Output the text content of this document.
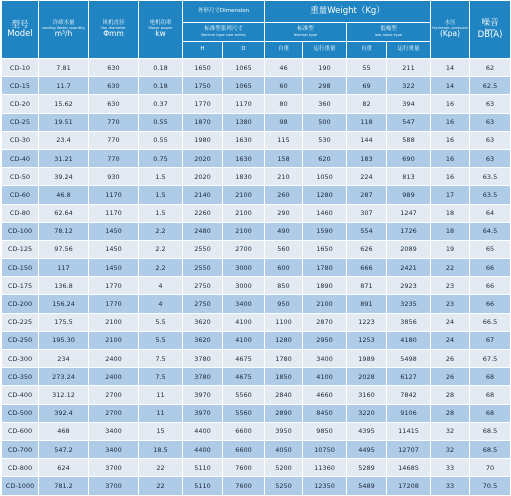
型号
Model	冷却水量
cooling Water quantity
m³/h	风机直径
fan diameter
Φmm	电机功率
Motor power
kw	外形尺寸Dimension		重量Weight（Kg）				水压
Hydraulic pressure
(Kpa)	噪音
Noise
DB(A)

				标准型系列尺寸
Normal type size series		标准型
Normal type		低噪型
low noise type			

				H	D	自重	运行重量	自重	运行重量		

CD-10	7.81	630	0.18	1650	1065	46	190	55	211	14	62
CD-15	11.7	630	0.18	1750	1065	60	298	69	322	14	62.5
CD-20	15.62	630	0.37	1770	1170	80	360	82	394	16	63
CD-25	19.51	770	0.55	1870	1380	98	500	118	547	16	63
CD-30	23.4	770	0.55	1980	1630	115	530	144	588	16	63
CD-40	31.21	770	0.75	2020	1630	158	620	183	690	16	63
CD-50	39.24	930	1.5	2020	1830	210	1050	224	813	16	63.5
CD-60	46.8	1170	1.5	2140	2100	260	1280	287	989	17	63.5
CD-80	62.64	1170	1.5	2260	2100	290	1460	307	1247	18	64
CD-100	78.12	1450	2.2	2480	2100	490	1590	554	1726	18	64.5
CD-125	97.56	1450	2.2	2550	2700	560	1650	626	2089	19	65
CD-150	117	1450	2.2	2550	3000	600	1780	666	2421	22	66
CD-175	136.8	1770	4	2750	3000	850	1890	871	2923	23	66
CD-200	156.24	1770	4	2750	3400	950	2100	891	3235	23	66
CD-225	175.5	2100	5.5	3620	4100	1100	2870	1223	3856	24	66.5
CD-250	195.30	2100	5.5	3620	4100	1280	2950	1253	4180	24	67
CD-300	234	2400	7.5	3780	4675	1780	3400	1989	5498	26	67.5
CD-350	273.24	2400	7.5	3780	4675	1850	4100	2028	6127	26	68
CD-400	312.12	2700	11	3970	5560	2840	4660	3160	7842	28	68
CD-500	392.4	2700	11	3970	5560	2890	8450	3220	9106	28	68
CD-600	468	3400	15	4400	6600	3950	9850	4395	11415	32	68.5
CD-700	547.2	3400	18.5	4400	6600	4050	10750	4495	12707	32	68.5
CD-800	624	3700	22	5110	7600	5200	11360	5289	14685	33	70
CD-1000	781.2	3700	22	5110	7600	5250	12350	5489	17208	33	70.5
